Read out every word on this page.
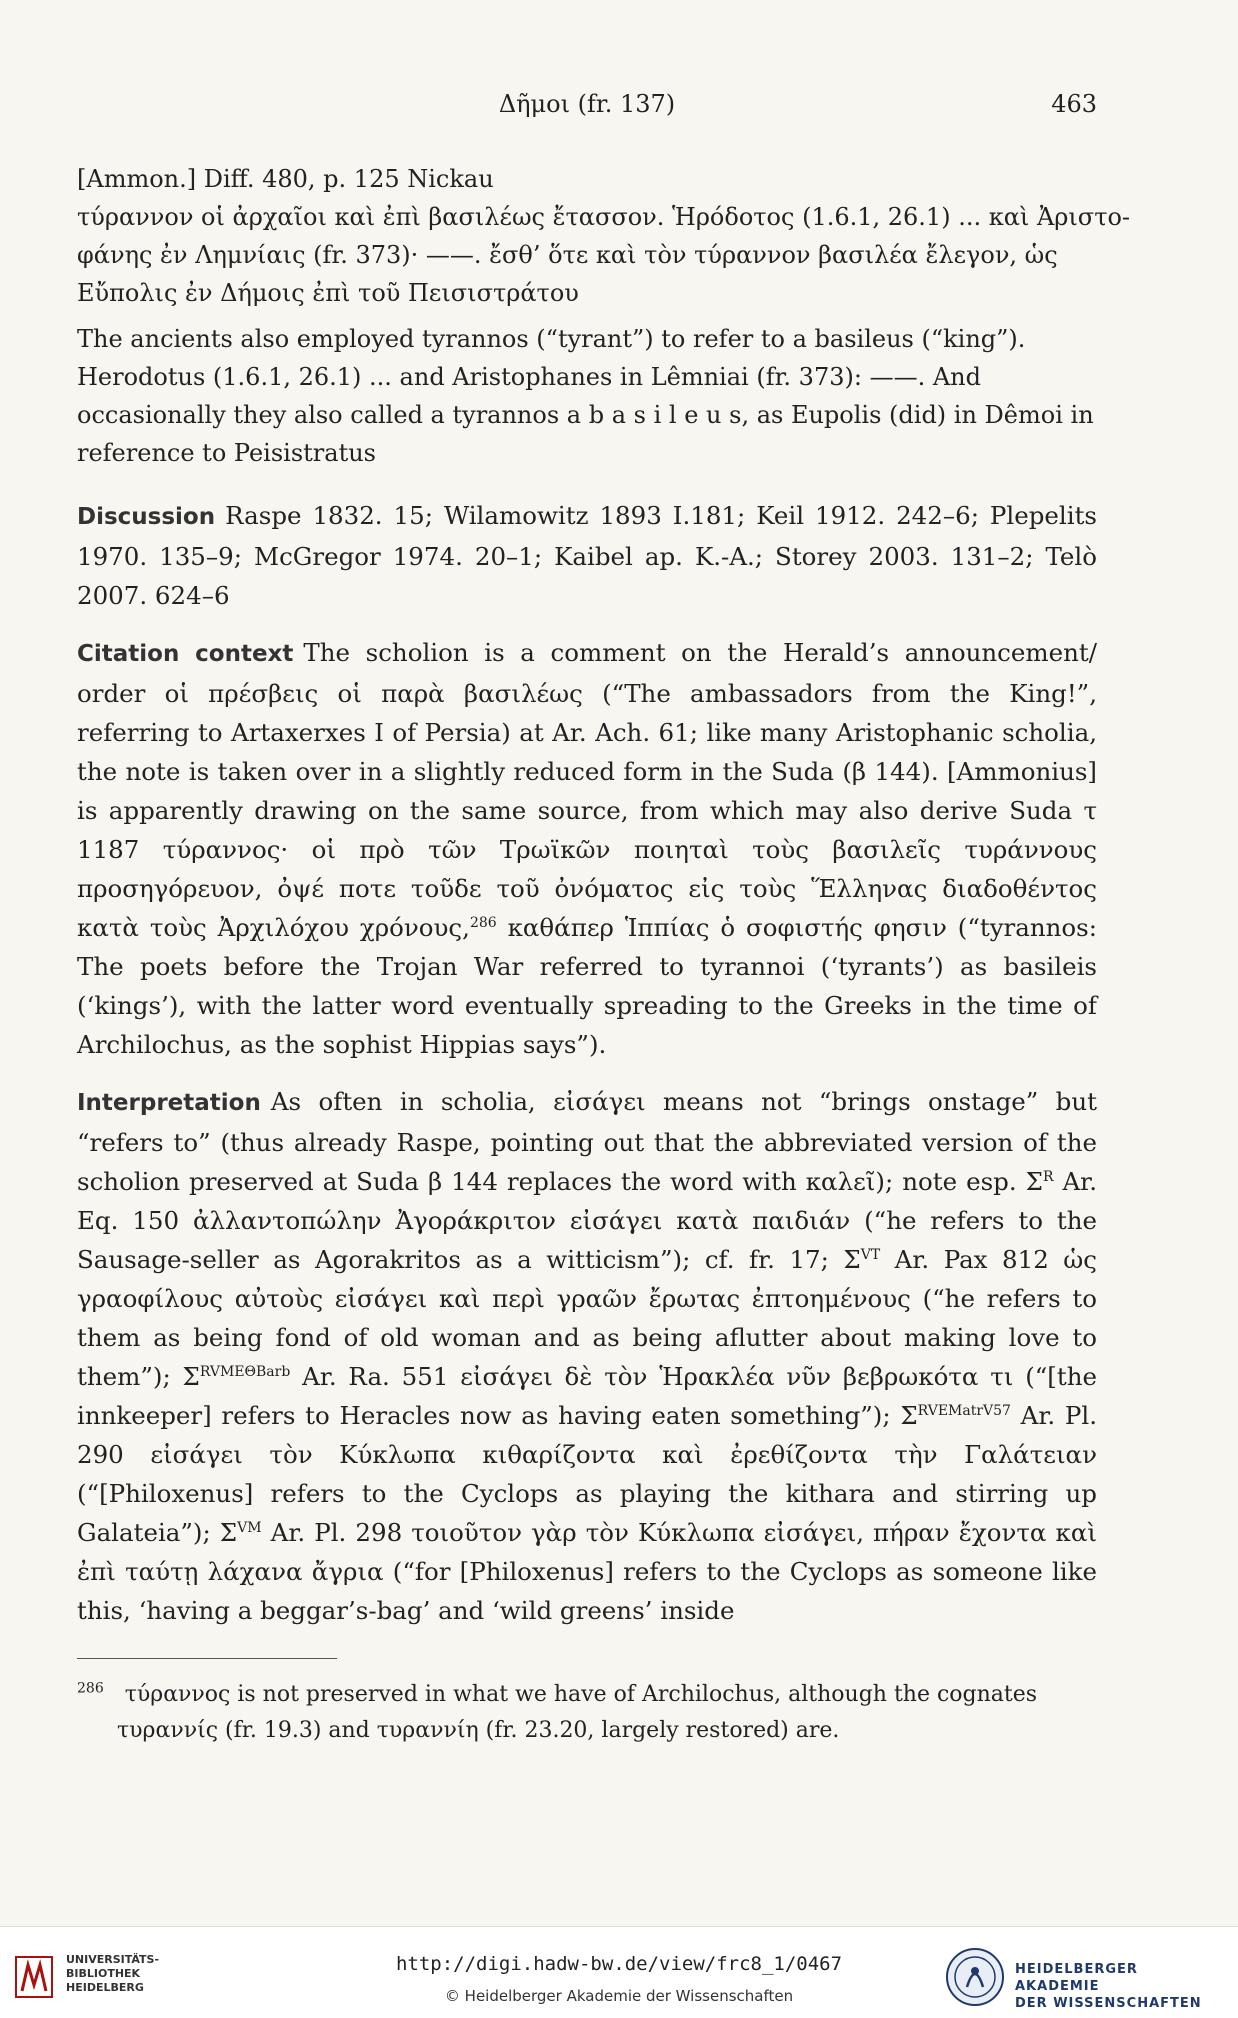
Δῆμοι (fr. 137)	463
[Ammon.] Diff. 480, p. 125 Nickau
τύραννον οἱ ἀρχαῖοι καὶ ἐπὶ βασιλέως ἔτασσον. Ἡρόδοτος (1.6.1, 26.1) ... καὶ Ἀριστο-
φάνης ἐν Λημνίαις (fr. 373)· ——. ἔσθ’ ὅτε καὶ τὸν τύραννον βασιλέα ἔλεγον, ὡς
Εὔπολις ἐν Δήμοις ἐπὶ τοῦ Πεισιστράτου
The ancients also employed tyrannos (“tyrant”) to refer to a basileus (“king”). Herodotus (1.6.1, 26.1) ... and Aristophanes in Lêmniai (fr. 373): ——. And occasionally they also called a tyrannos a b a s i l e u s, as Eupolis (did) in Dêmoi in reference to Peisistratus

Discussion Raspe 1832. 15; Wilamowitz 1893 I.181; Keil 1912. 242–6; Plepelits 1970. 135–9; McGregor 1974. 20–1; Kaibel ap. K.-A.; Storey 2003. 131–2; Telò 2007. 624–6

Citation context The scholion is a comment on the Herald’s announcement/ order οἱ πρέσβεις οἱ παρὰ βασιλέως (“The ambassadors from the King!”, referring to Artaxerxes I of Persia) at Ar. Ach. 61; like many Aristophanic scholia, the note is taken over in a slightly reduced form in the Suda (β 144). [Ammonius] is apparently drawing on the same source, from which may also derive Suda τ 1187 τύραννος· οἱ πρὸ τῶν Τρωϊκῶν ποιηταὶ τοὺς βασιλεῖς τυράννους προσηγόρευον, ὀψέ ποτε τοῦδε τοῦ ὀνόματος εἰς τοὺς Ἕλληνας διαδοθέντος κατὰ τοὺς Ἀρχιλόχου χρόνους,$^{286}$ καθάπερ Ἱππίας ὁ σοφιστής φησιν (“tyrannos: The poets before the Trojan War referred to tyrannoi (‘tyrants’) as basileis (‘kings’), with the latter word eventually spreading to the Greeks in the time of Archilochus, as the sophist Hippias says”).

Interpretation As often in scholia, εἰσάγει means not “brings onstage” but “refers to” (thus already Raspe, pointing out that the abbreviated version of the scholion preserved at Suda β 144 replaces the word with καλεῖ); note esp. $\Sigma^R$ Ar. Eq. 150 ἀλλαντοπώλην Ἀγοράκριτον εἰσάγει κατὰ παιδιάν (“he refers to the Sausage-seller as Agorakritos as a witticism”); cf. fr. 17; $\Sigma^{VT}$ Ar. Pax 812 ὡς γραοφίλους αὐτοὺς εἰσάγει καὶ περὶ γραῶν ἔρωτας ἐπτοημένους (“he refers to them as being fond of old woman and as being aflutter about making love to them”); $\Sigma^{RVME\Theta Barb}$ Ar. Ra. 551 εἰσάγει δὲ τὸν Ἡρακλέα νῦν βεβρωκότα τι (“[the innkeeper] refers to Heracles now as having eaten something”); $\Sigma^{RVEMatrV57}$ Ar. Pl. 290 εἰσάγει τὸν Κύκλωπα κιθαρίζοντα καὶ ἐρεθίζοντα τὴν Γαλάτειαν (“[Philoxenus] refers to the Cyclops as playing the kithara and stirring up Galateia”); $\Sigma^{VM}$ Ar. Pl. 298 τοιοῦτον γὰρ τὸν Κύκλωπα εἰσάγει, πήραν ἔχοντα καὶ ἐπὶ ταύτῃ λάχανα ἄγρια (“for [Philoxenus] refers to the Cyclops as someone like this, ‘having a beggar’s-bag’ and ‘wild greens’ inside

$^{286}$ τύραννος is not preserved in what we have of Archilochus, although the cognates τυραννίς (fr. 19.3) and τυραννίη (fr. 23.20, largely restored) are.
UNIVERSITÄTS-
BIBLIOTHEK
HEIDELBERG
http://digi.hadw-bw.de/view/frc8_1/0467
© Heidelberger Akademie der Wissenschaften
HEIDELBERGER AKADEMIE
DER WISSENSCHAFTEN
